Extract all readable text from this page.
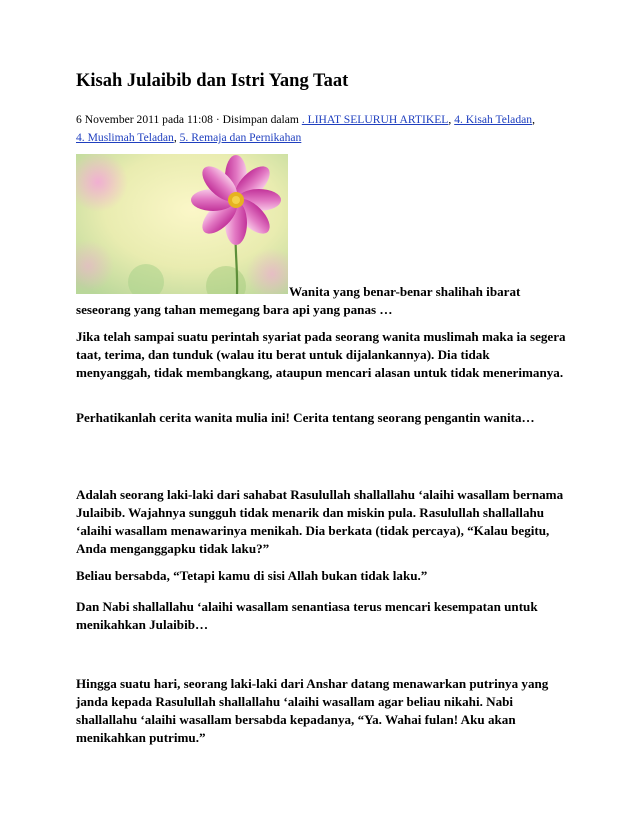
Kisah Julaibib dan Istri Yang Taat
6 November 2011 pada 11:08 · Disimpan dalam . LIHAT SELURUH ARTIKEL, 4. Kisah Teladan, 4. Muslimah Teladan, 5. Remaja dan Pernikahan

Wanita yang benar-benar shalihah ibarat

seseorang yang tahan memegang bara api yang panas …

Jika telah sampai suatu perintah syariat pada seorang wanita muslimah maka ia segera taat, terima, dan tunduk (walau itu berat untuk dijalankannya). Dia tidak menyanggah, tidak membangkang, ataupun mencari alasan untuk tidak menerimanya.

Perhatikanlah cerita wanita mulia ini! Cerita tentang seorang pengantin wanita…

Adalah seorang laki-laki dari sahabat Rasulullah shallallahu ‘alaihi wasallam bernama Julaibib. Wajahnya sungguh tidak menarik dan miskin pula. Rasulullah shallallahu ‘alaihi wasallam menawarinya menikah. Dia berkata (tidak percaya), “Kalau begitu, Anda menganggapku tidak laku?”

Beliau bersabda, “Tetapi kamu di sisi Allah bukan tidak laku.”

Dan Nabi shallallahu ‘alaihi wasallam senantiasa terus mencari kesempatan untuk menikahkan Julaibib…

Hingga suatu hari, seorang laki-laki dari Anshar datang menawarkan putrinya yang janda kepada Rasulullah shallallahu ‘alaihi wasallam agar beliau nikahi. Nabi shallallahu ‘alaihi wasallam bersabda kepadanya, “Ya. Wahai fulan! Aku akan menikahkan putrimu.”
